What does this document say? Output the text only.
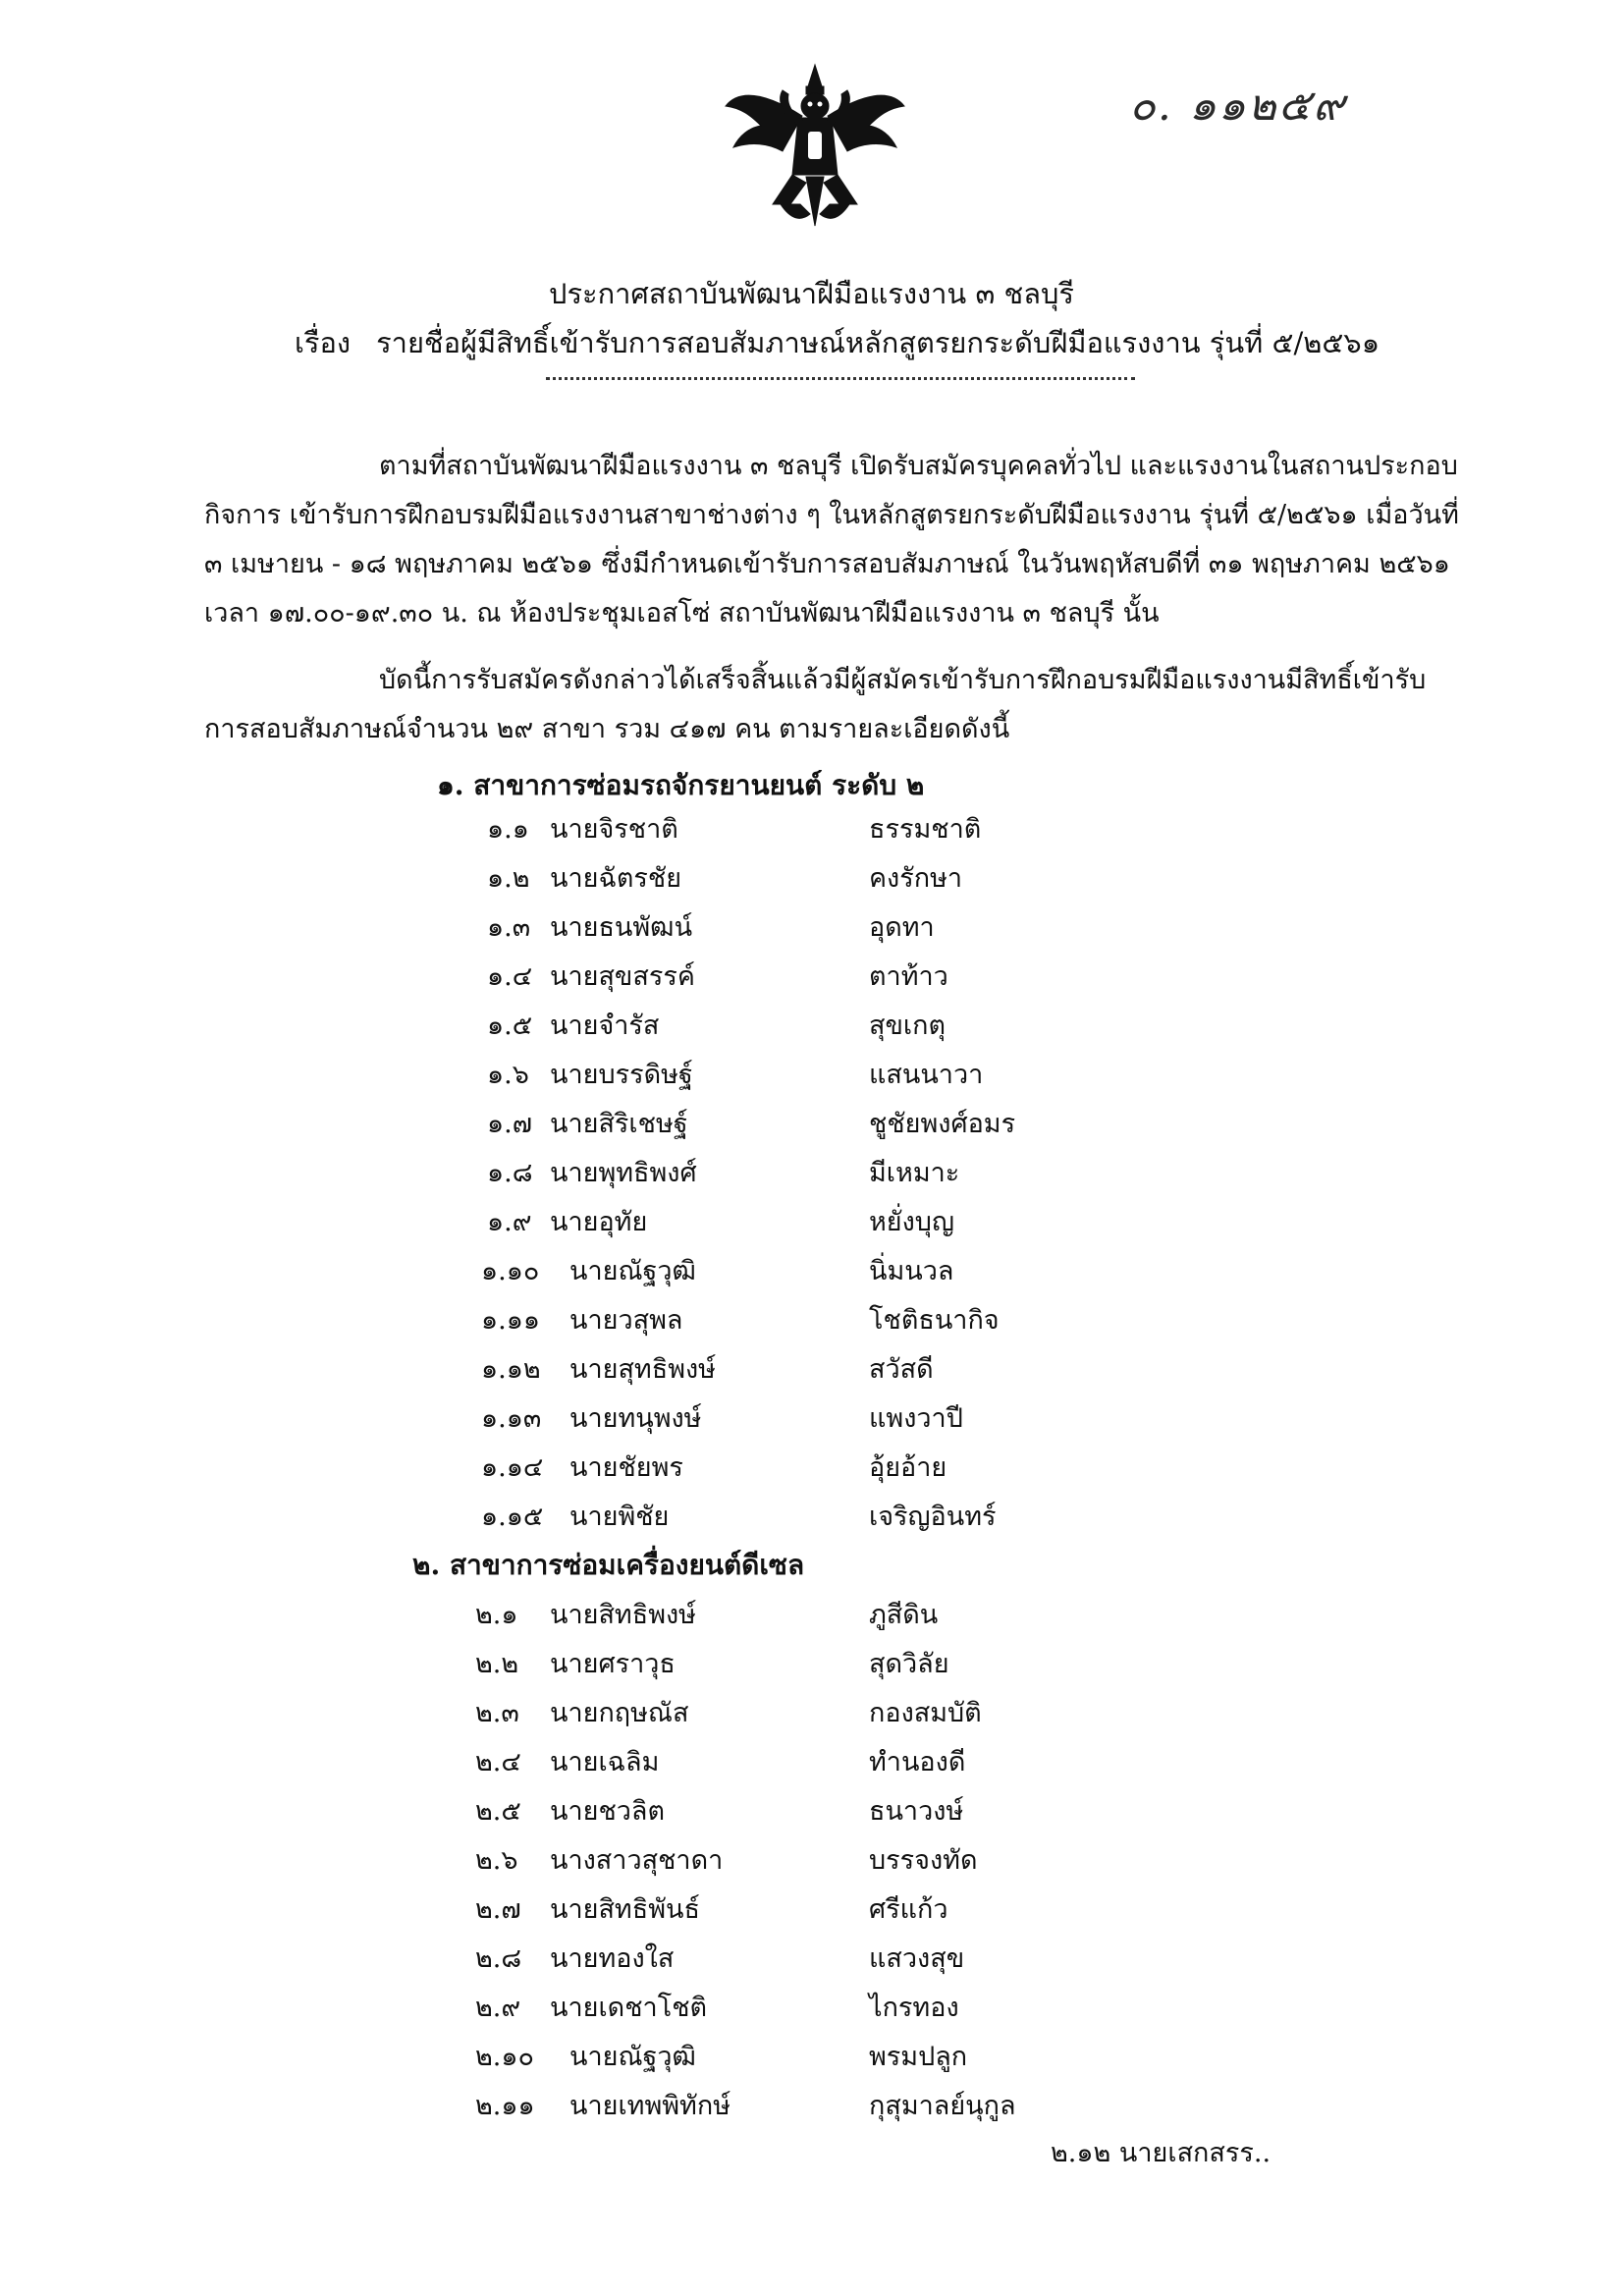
๐. ๑๑๒๕๙
ประกาศสถาบันพัฒนาฝีมือแรงงาน ๓ ชลบุรี
เรื่อง รายชื่อผู้มีสิทธิ์เข้ารับการสอบสัมภาษณ์หลักสูตรยกระดับฝีมือแรงงาน รุ่นที่ ๕/๒๕๖๑
ตามที่สถาบันพัฒนาฝีมือแรงงาน ๓ ชลบุรี เปิดรับสมัครบุคคลทั่วไป และแรงงานในสถานประกอบกิจการ เข้ารับการฝึกอบรมฝีมือแรงงานสาขาช่างต่าง ๆ ในหลักสูตรยกระดับฝีมือแรงงาน รุ่นที่ ๕/๒๕๖๑ เมื่อวันที่ ๓ เมษายน - ๑๘ พฤษภาคม ๒๕๖๑ ซึ่งมีกำหนดเข้ารับการสอบสัมภาษณ์ ในวันพฤหัสบดีที่ ๓๑ พฤษภาคม ๒๕๖๑ เวลา ๑๗.๐๐-๑๙.๓๐ น. ณ ห้องประชุมเอสโซ่ สถาบันพัฒนาฝีมือแรงงาน ๓ ชลบุรี นั้น
บัดนี้การรับสมัครดังกล่าวได้เสร็จสิ้นแล้วมีผู้สมัครเข้ารับการฝึกอบรมฝีมือแรงงานมีสิทธิ์เข้ารับการสอบสัมภาษณ์จำนวน ๒๙ สาขา รวม ๔๑๗ คน ตามรายละเอียดดังนี้
๑. สาขาการซ่อมรถจักรยานยนต์ ระดับ ๒
๑.๑ นายจิรชาติ	ธรรมชาติ
๑.๒ นายฉัตรชัย	คงรักษา
๑.๓ นายธนพัฒน์	อุดทา
๑.๔ นายสุขสรรค์	ตาท้าว
๑.๕ นายจำรัส	สุขเกตุ
๑.๖ นายบรรดิษฐ์	แสนนาวา
๑.๗ นายสิริเชษฐ์	ชูชัยพงศ์อมร
๑.๘ นายพุทธิพงศ์	มีเหมาะ
๑.๙ นายอุทัย	หยั่งบุญ
๑.๑๐ นายณัฐวุฒิ	นิ่มนวล
๑.๑๑ นายวสุพล	โชติธนากิจ
๑.๑๒ นายสุทธิพงษ์	สวัสดี
๑.๑๓ นายทนุพงษ์	แพงวาปี
๑.๑๔ นายชัยพร	อุ้ยอ้าย
๑.๑๕ นายพิชัย	เจริญอินทร์
๒. สาขาการซ่อมเครื่องยนต์ดีเซล
๒.๑ นายสิทธิพงษ์	ภูสีดิน
๒.๒ นายศราวุธ	สุดวิลัย
๒.๓ นายกฤษณัส	กองสมบัติ
๒.๔ นายเฉลิม	ทำนองดี
๒.๕ นายชวลิต	ธนาวงษ์
๒.๖ นางสาวสุชาดา	บรรจงทัด
๒.๗ นายสิทธิพันธ์	ศรีแก้ว
๒.๘ นายทองใส	แสวงสุข
๒.๙ นายเดชาโชติ	ไกรทอง
๒.๑๐ นายณัฐวุฒิ	พรมปลูก
๒.๑๑ นายเทพพิทักษ์	กุสุมาลย์นุกูล
๒.๑๒ นายเสกสรร..
